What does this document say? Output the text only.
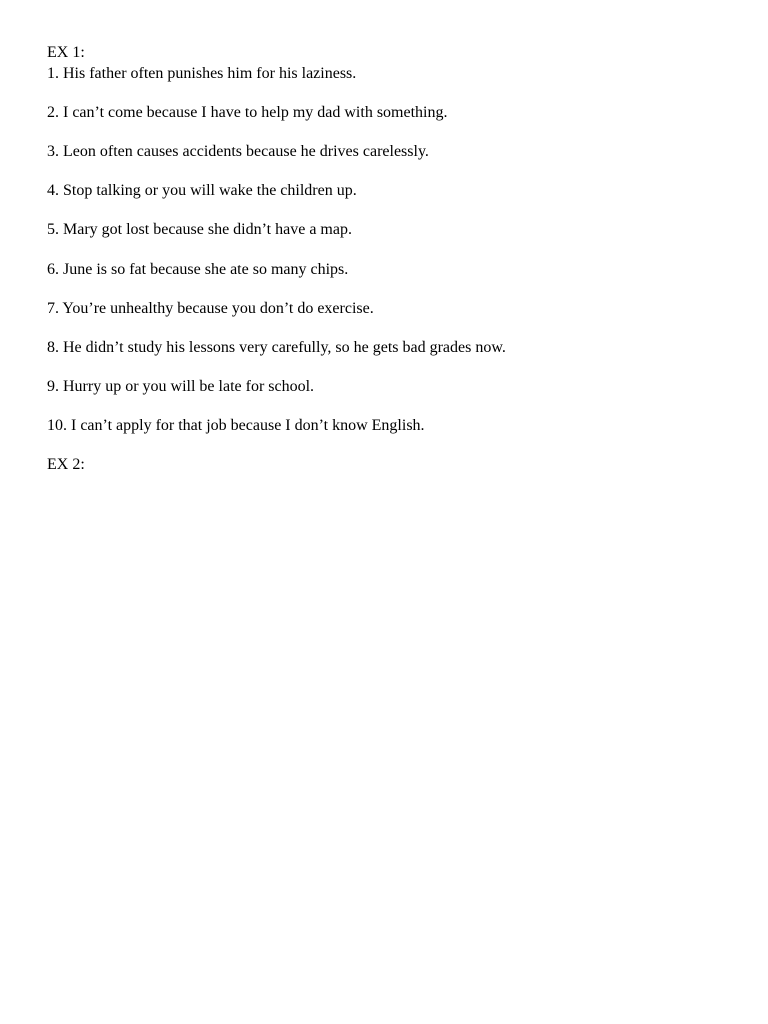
EX 1:

1. His father often punishes him for his laziness.

2. I can’t come because I have to help my dad with something.

3. Leon often causes accidents because he drives carelessly.

4. Stop talking or you will wake the children up.

5. Mary got lost because she didn’t have a map.

6. June is so fat because she ate so many chips.

7. You’re unhealthy because you don’t do exercise.

8. He didn’t study his lessons very carefully, so he gets bad grades now.

9. Hurry up or you will be late for school.

10. I can’t apply for that job because I don’t know English.

EX 2:
